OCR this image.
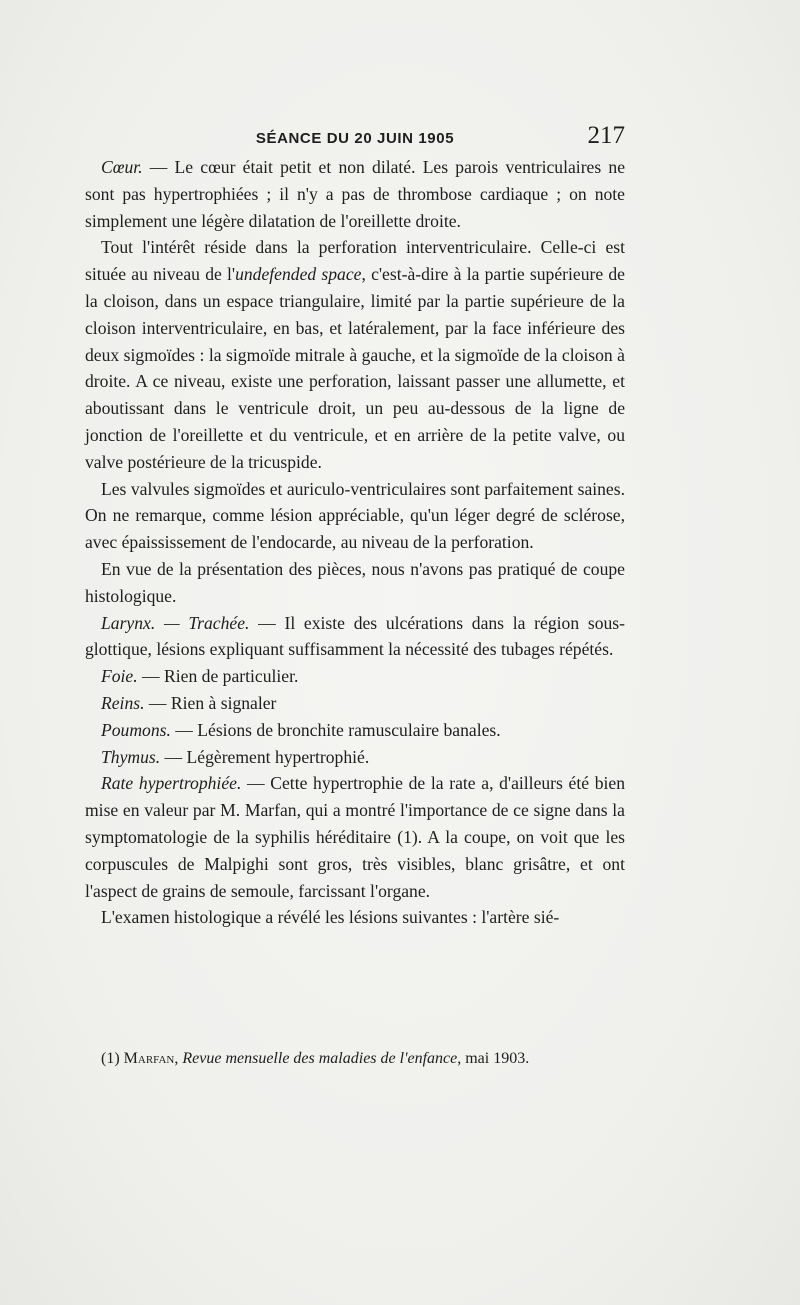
SÉANCE DU 20 JUIN 1905	217

Cœur. — Le cœur était petit et non dilaté. Les parois ventriculaires ne sont pas hypertrophiées ; il n'y a pas de thrombose cardiaque ; on note simplement une légère dilatation de l'oreillette droite.

Tout l'intérêt réside dans la perforation interventriculaire. Celle-ci est située au niveau de l'undefended space, c'est-à-dire à la partie supérieure de la cloison, dans un espace triangulaire, limité par la partie supérieure de la cloison interventriculaire, en bas, et latéralement, par la face inférieure des deux sigmoïdes : la sigmoïde mitrale à gauche, et la sigmoïde de la cloison à droite. A ce niveau, existe une perforation, laissant passer une allumette, et aboutissant dans le ventricule droit, un peu au-dessous de la ligne de jonction de l'oreillette et du ventricule, et en arrière de la petite valve, ou valve postérieure de la tricuspide.

Les valvules sigmoïdes et auriculo-ventriculaires sont parfaitement saines. On ne remarque, comme lésion appréciable, qu'un léger degré de sclérose, avec épaississement de l'endocarde, au niveau de la perforation.

En vue de la présentation des pièces, nous n'avons pas pratiqué de coupe histologique.

Larynx. — Trachée. — Il existe des ulcérations dans la région sous-glottique, lésions expliquant suffisamment la nécessité des tubages répétés.

Foie. — Rien de particulier.

Reins. — Rien à signaler

Poumons. — Lésions de bronchite ramusculaire banales.

Thymus. — Légèrement hypertrophié.

Rate hypertrophiée. — Cette hypertrophie de la rate a, d'ailleurs été bien mise en valeur par M. Marfan, qui a montré l'importance de ce signe dans la symptomatologie de la syphilis héréditaire (1). A la coupe, on voit que les corpuscules de Malpighi sont gros, très visibles, blanc grisâtre, et ont l'aspect de grains de semoule, farcissant l'organe.

L'examen histologique a révélé les lésions suivantes : l'artère sié-

(1) Marfan, Revue mensuelle des maladies de l'enfance, mai 1903.
